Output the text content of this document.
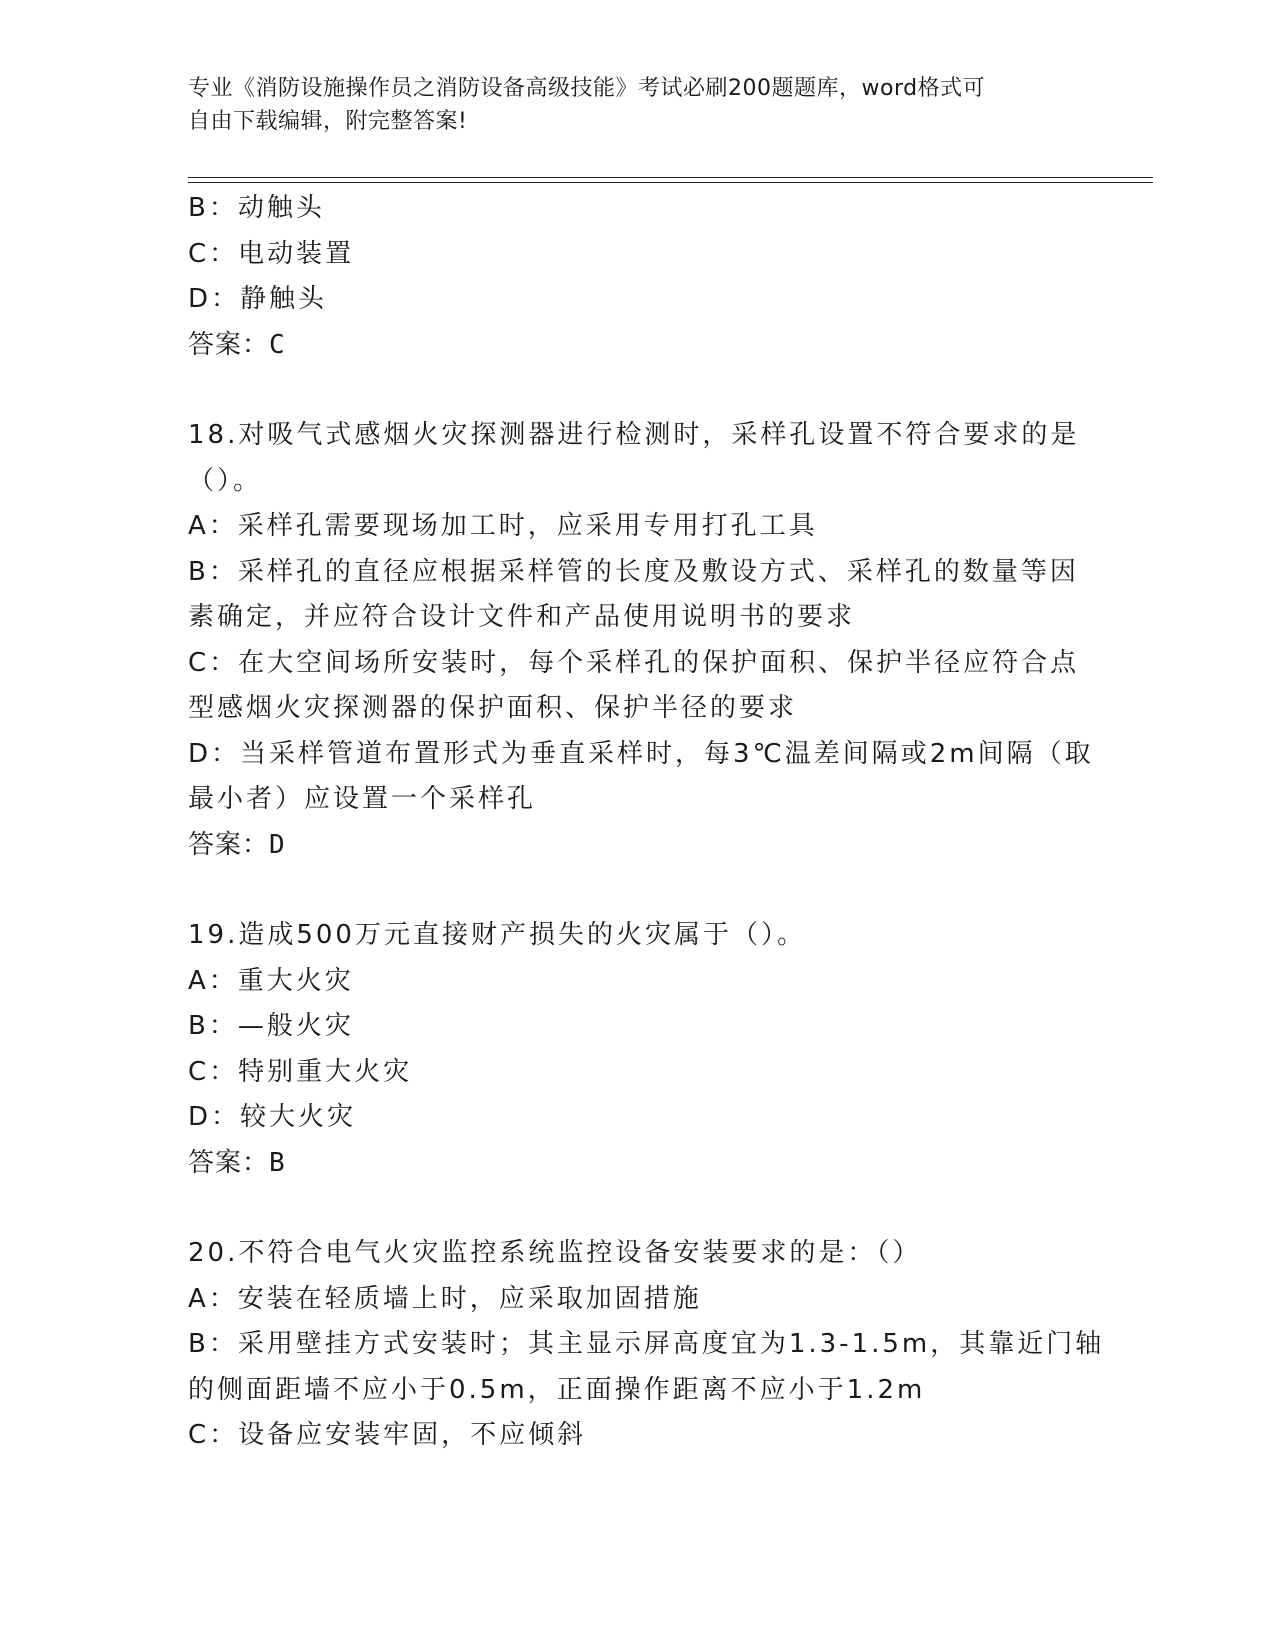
专业《消防设施操作员之消防设备高级技能》考试必刷200题题库，word格式可
自由下载编辑，附完整答案!
B：动触头
C：电动装置
D：静触头
答案：C
18.对吸气式感烟火灾探测器进行检测时，采样孔设置不符合要求的是
（）。
A：采样孔需要现场加工时，应采用专用打孔工具
B：采样孔的直径应根据采样管的长度及敷设方式、采样孔的数量等因
素确定，并应符合设计文件和产品使用说明书的要求
C：在大空间场所安装时，每个采样孔的保护面积、保护半径应符合点
型感烟火灾探测器的保护面积、保护半径的要求
D：当采样管道布置形式为垂直采样时，每3℃温差间隔或2m间隔（取
最小者）应设置一个采样孔
答案：D
19.造成500万元直接财产损失的火灾属于（）。
A：重大火灾
B：—般火灾
C：特别重大火灾
D：较大火灾
答案：B
20.不符合电气火灾监控系统监控设备安装要求的是：（）
A：安装在轻质墙上时，应采取加固措施
B：采用壁挂方式安装时；其主显示屏高度宜为1.3-1.5m，其靠近门轴
的侧面距墙不应小于0.5m，正面操作距离不应小于1.2m
C：设备应安装牢固，不应倾斜
